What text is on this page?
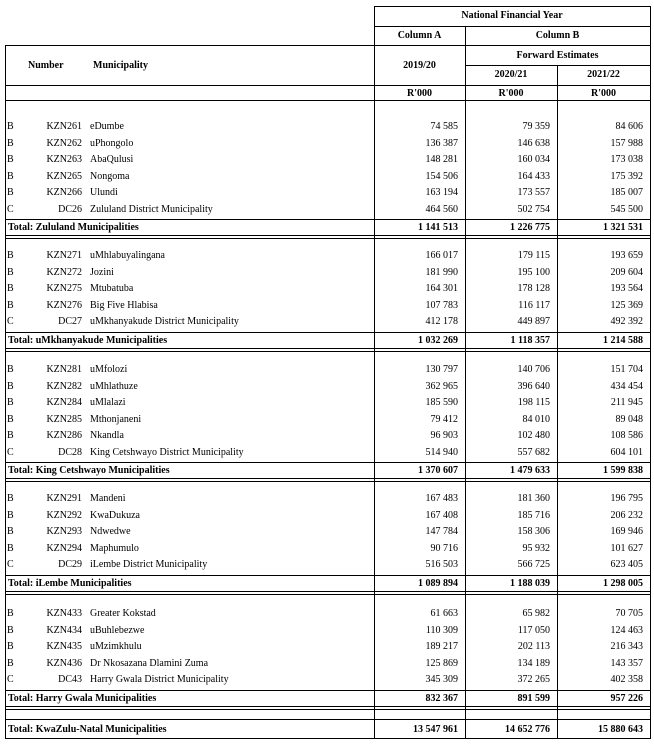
National Financial Year
Column A	Column B
Forward Estimates
Number	Municipality	2019/20
2020/21	2021/22
R'000	R'000	R'000
B	KZN261 eDumbe	74 585	79 359	84 606
B	KZN262 uPhongolo	136 387	146 638	157 988
B	KZN263 AbaQulusi	148 281	160 034	173 038
B	KZN265 Nongoma	154 506	164 433	175 392
B	KZN266 Ulundi	163 194	173 557	185 007
C	DC26 Zululand District Municipality	464 560	502 754	545 500
Total: Zululand Municipalities	1 141 513	1 226 775	1 321 531
B	KZN271 uMhlabuyalingana	166 017	179 115	193 659
B	KZN272 Jozini	181 990	195 100	209 604
B	KZN275 Mtubatuba	164 301	178 128	193 564
B	KZN276 Big Five Hlabisa	107 783	116 117	125 369
C	DC27 uMkhanyakude District Municipality	412 178	449 897	492 392
Total: uMkhanyakude Municipalities	1 032 269	1 118 357	1 214 588
B	KZN281 uMfolozi	130 797	140 706	151 704
B	KZN282 uMhlathuze	362 965	396 640	434 454
B	KZN284 uMlalazi	185 590	198 115	211 945
B	KZN285 Mthonjaneni	79 412	84 010	89 048
B	KZN286 Nkandla	96 903	102 480	108 586
C	DC28 King Cetshwayo District Municipality	514 940	557 682	604 101
Total: King Cetshwayo Municipalities	1 370 607	1 479 633	1 599 838
B	KZN291 Mandeni	167 483	181 360	196 795
B	KZN292 KwaDukuza	167 408	185 716	206 232
B	KZN293 Ndwedwe	147 784	158 306	169 946
B	KZN294 Maphumulo	90 716	95 932	101 627
C	DC29 iLembe District Municipality	516 503	566 725	623 405
Total: iLembe Municipalities	1 089 894	1 188 039	1 298 005
B	KZN433 Greater Kokstad	61 663	65 982	70 705
B	KZN434 uBuhlebezwe	110 309	117 050	124 463
B	KZN435 uMzimkhulu	189 217	202 113	216 343
B	KZN436 Dr Nkosazana Dlamini Zuma	125 869	134 189	143 357
C	DC43 Harry Gwala District Municipality	345 309	372 265	402 358
Total: Harry Gwala Municipalities	832 367	891 599	957 226
Total: KwaZulu-Natal Municipalities	13 547 961	14 652 776	15 880 643
